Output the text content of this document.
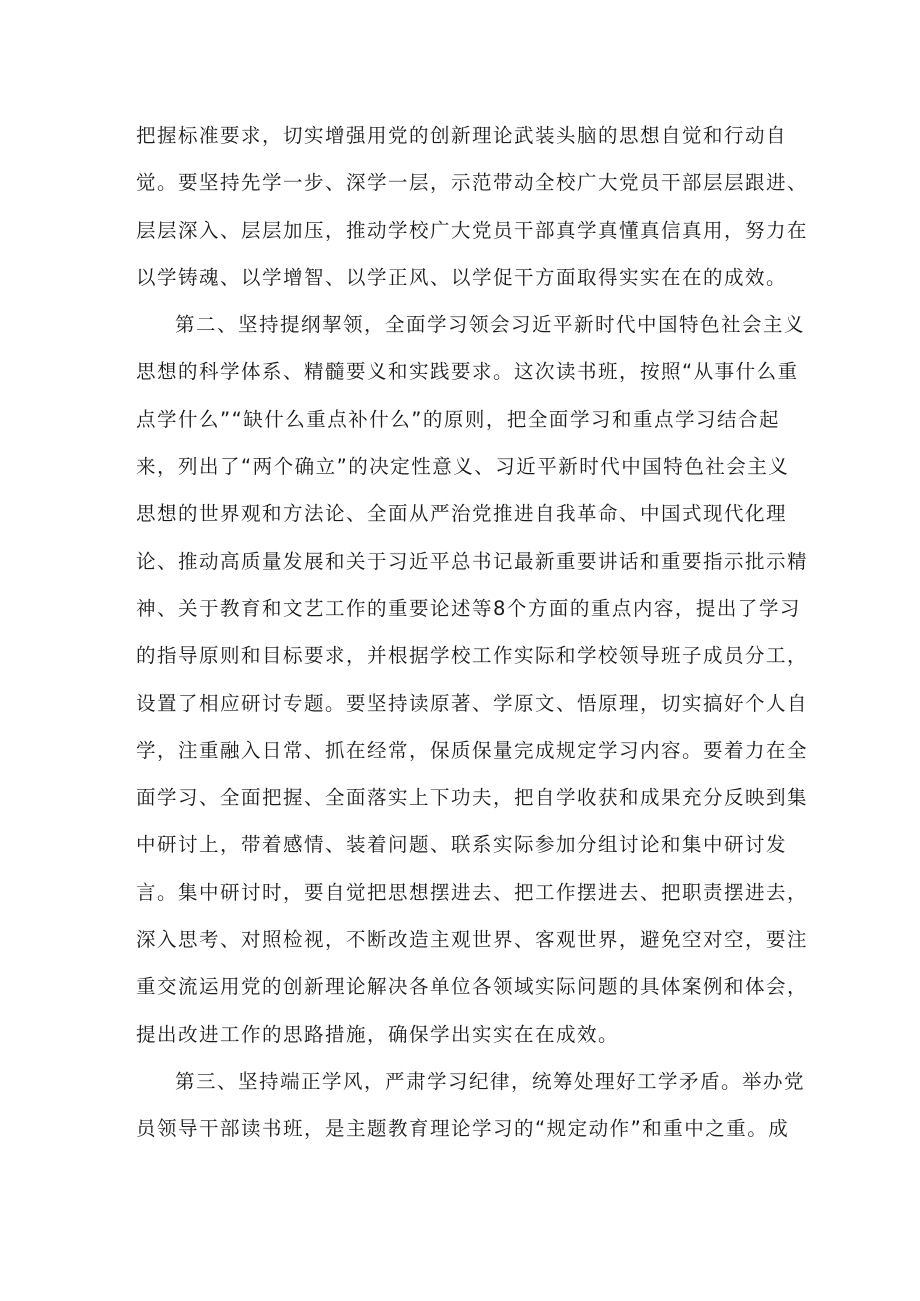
把握标准要求，切实增强用党的创新理论武装头脑的思想自觉和行动自
觉。要坚持先学一步、深学一层，示范带动全校广大党员干部层层跟进、
层层深入、层层加压，推动学校广大党员干部真学真懂真信真用，努力在
以学铸魂、以学增智、以学正风、以学促干方面取得实实在在的成效。
第二、坚持提纲挈领，全面学习领会习近平新时代中国特色社会主义
思想的科学体系、精髓要义和实践要求。这次读书班，按照“从事什么重
点学什么”“缺什么重点补什么”的原则，把全面学习和重点学习结合起
来，列出了“两个确立”的决定性意义、习近平新时代中国特色社会主义
思想的世界观和方法论、全面从严治党推进自我革命、中国式现代化理
论、推动高质量发展和关于习近平总书记最新重要讲话和重要指示批示精
神、关于教育和文艺工作的重要论述等8个方面的重点内容，提出了学习
的指导原则和目标要求，并根据学校工作实际和学校领导班子成员分工，
设置了相应研讨专题。要坚持读原著、学原文、悟原理，切实搞好个人自
学，注重融入日常、抓在经常，保质保量完成规定学习内容。要着力在全
面学习、全面把握、全面落实上下功夫，把自学收获和成果充分反映到集
中研讨上，带着感情、装着问题、联系实际参加分组讨论和集中研讨发
言。集中研讨时，要自觉把思想摆进去、把工作摆进去、把职责摆进去，
深入思考、对照检视，不断改造主观世界、客观世界，避免空对空，要注
重交流运用党的创新理论解决各单位各领域实际问题的具体案例和体会，
提出改进工作的思路措施，确保学出实实在在成效。
第三、坚持端正学风，严肃学习纪律，统筹处理好工学矛盾。举办党
员领导干部读书班，是主题教育理论学习的“规定动作”和重中之重。成
